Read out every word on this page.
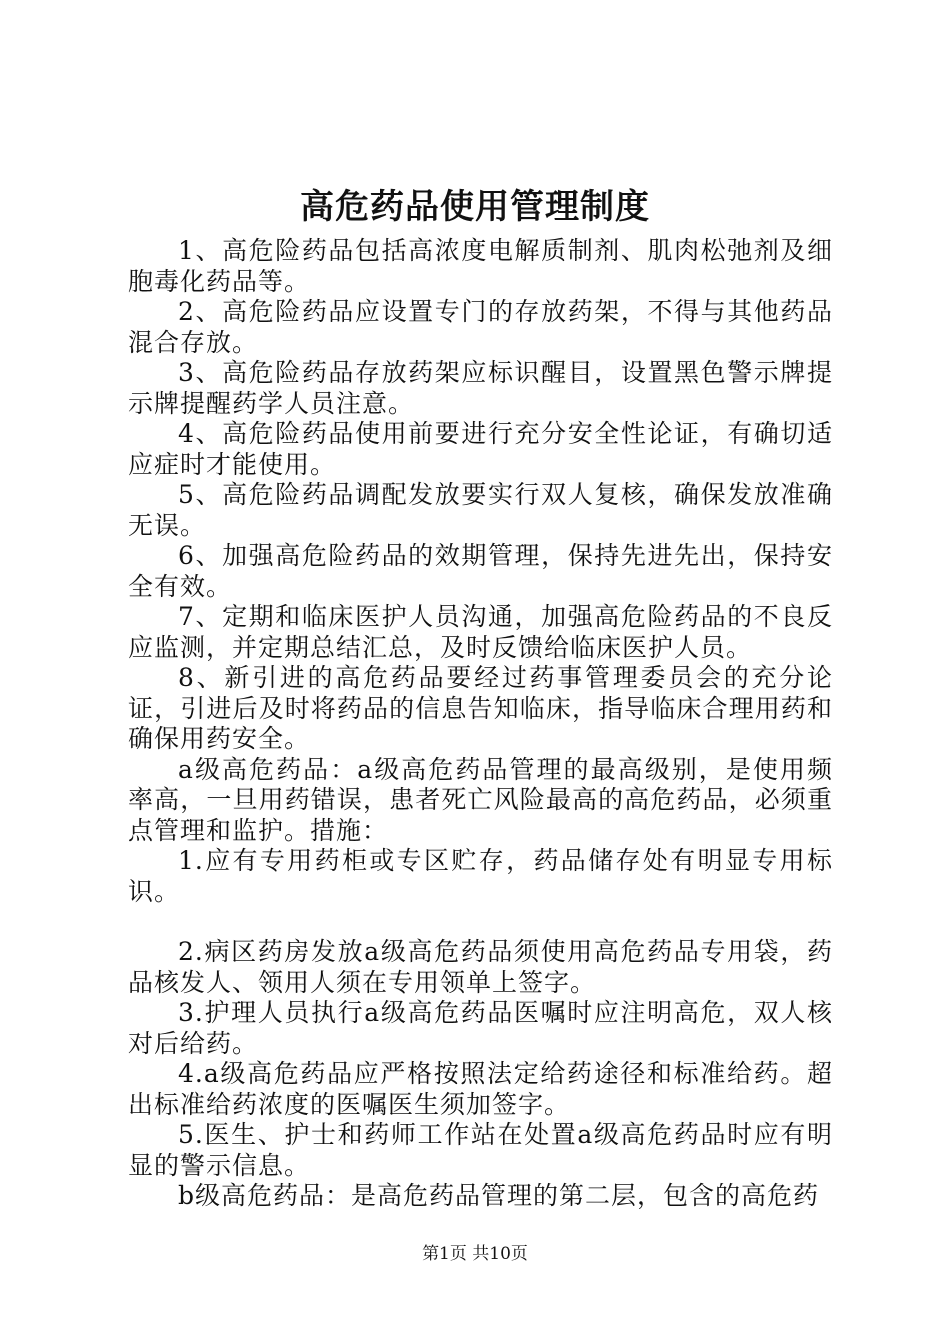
高危药品使用管理制度

1、高危险药品包括高浓度电解质制剂、肌肉松弛剂及细胞毒化药品等。

2、高危险药品应设置专门的存放药架，不得与其他药品混合存放。

3、高危险药品存放药架应标识醒目，设置黑色警示牌提示牌提醒药学人员注意。

4、高危险药品使用前要进行充分安全性论证，有确切适应症时才能使用。

5、高危险药品调配发放要实行双人复核，确保发放准确无误。

6、加强高危险药品的效期管理，保持先进先出，保持安全有效。

7、定期和临床医护人员沟通，加强高危险药品的不良反应监测，并定期总结汇总，及时反馈给临床医护人员。

8、新引进的高危药品要经过药事管理委员会的充分论证，引进后及时将药品的信息告知临床，指导临床合理用药和确保用药安全。

a级高危药品：a级高危药品管理的最高级别，是使用频率高，一旦用药错误，患者死亡风险最高的高危药品，必须重点管理和监护。措施：

1.应有专用药柜或专区贮存，药品储存处有明显专用标识。

2.病区药房发放a级高危药品须使用高危药品专用袋，药品核发人、领用人须在专用领单上签字。

3.护理人员执行a级高危药品医嘱时应注明高危，双人核对后给药。

4.a级高危药品应严格按照法定给药途径和标准给药。超出标准给药浓度的医嘱医生须加签字。

5.医生、护士和药师工作站在处置a级高危药品时应有明显的警示信息。

b级高危药品：是高危药品管理的第二层，包含的高危药

第1页 共10页
